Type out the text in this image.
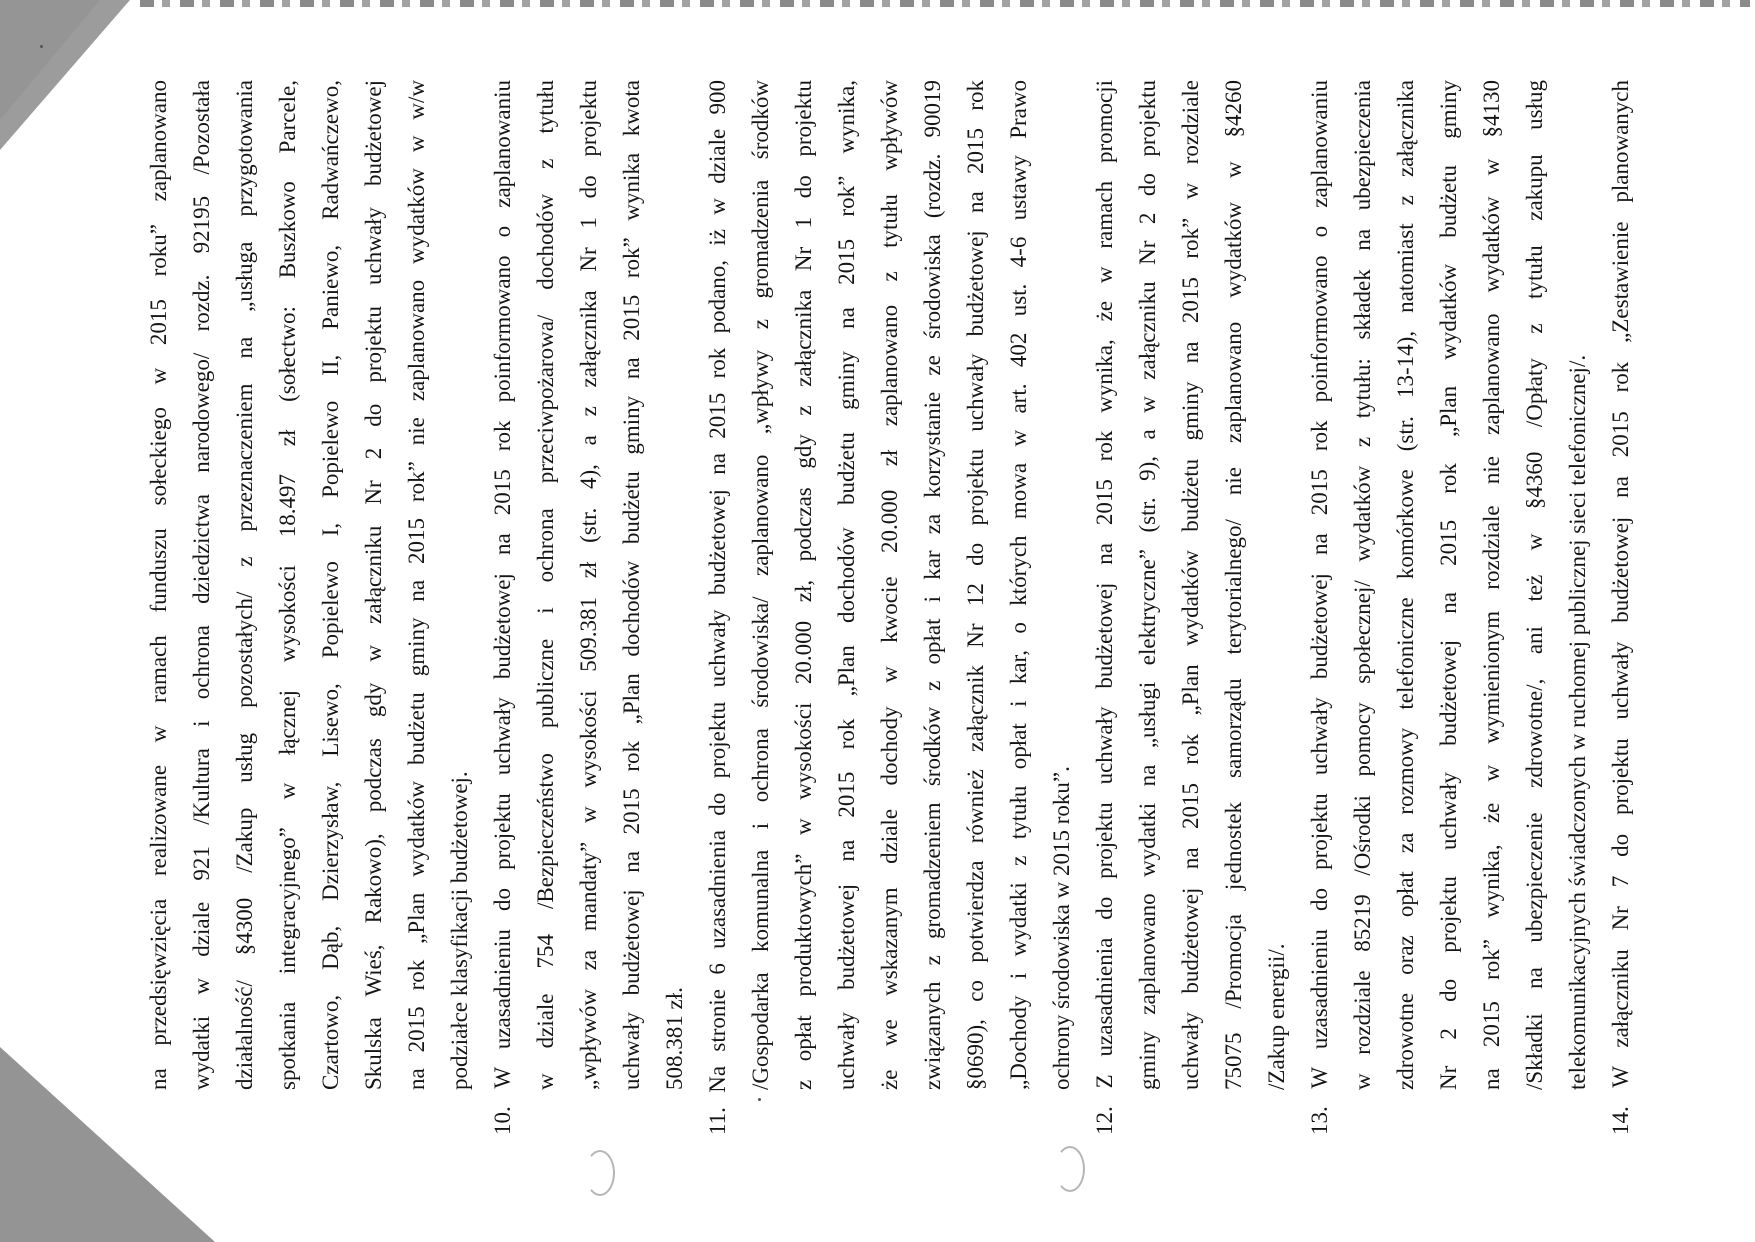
na przedsięwzięcia realizowane w ramach funduszu sołeckiego w 2015 roku” zaplanowano wydatki w dziale 921 /Kultura i ochrona dziedzictwa narodowego/ rozdz. 92195 /Pozostała działalność/ §4300 /Zakup usług pozostałych/ z przeznaczeniem na „usługa przygotowania spotkania integracyjnego” w łącznej wysokości 18.497 zł (sołectwo: Buszkowo Parcele, Czartowo, Dąb, Dzierzysław, Lisewo, Popielewo I, Popielewo II, Paniewo, Radwańczewo, Skulska Wieś, Rakowo), podczas gdy w załączniku Nr 2 do projektu uchwały budżetowej na 2015 rok „Plan wydatków budżetu gminy na 2015 rok” nie zaplanowano wydatków w w/w podziałce klasyfikacji budżetowej. 10. W uzasadnieniu do projektu uchwały budżetowej na 2015 rok poinformowano o zaplanowaniu w dziale 754 /Bezpieczeństwo publiczne i ochrona przeciwpożarowa/ dochodów z tytułu „wpływów za mandaty” w wysokości 509.381 zł (str. 4), a z załącznika Nr 1 do projektu uchwały budżetowej na 2015 rok „Plan dochodów budżetu gminy na 2015 rok” wynika kwota 508.381 zł. 11. Na stronie 6 uzasadnienia do projektu uchwały budżetowej na 2015 rok podano, iż w dziale 900 /Gospodarka komunalna i ochrona środowiska/ zaplanowano „wpływy z gromadzenia środków z opłat produktowych” w wysokości 20.000 zł, podczas gdy z załącznika Nr 1 do projektu uchwały budżetowej na 2015 rok „Plan dochodów budżetu gminy na 2015 rok” wynika, że we wskazanym dziale dochody w kwocie 20.000 zł zaplanowano z tytułu wpływów związanych z gromadzeniem środków z opłat i kar za korzystanie ze środowiska (rozdz. 90019 §0690), co potwierdza również załącznik Nr 12 do projektu uchwały budżetowej na 2015 rok „Dochody i wydatki z tytułu opłat i kar, o których mowa w art. 402 ust. 4-6 ustawy Prawo ochrony środowiska w 2015 roku”. 12. Z uzasadnienia do projektu uchwały budżetowej na 2015 rok wynika, że w ramach promocji gminy zaplanowano wydatki na „usługi elektryczne” (str. 9), a w załączniku Nr 2 do projektu uchwały budżetowej na 2015 rok „Plan wydatków budżetu gminy na 2015 rok” w rozdziale 75075 /Promocja jednostek samorządu terytorialnego/ nie zaplanowano wydatków w §4260 /Zakup energii/. 13. W uzasadnieniu do projektu uchwały budżetowej na 2015 rok poinformowano o zaplanowaniu w rozdziale 85219 /Ośrodki pomocy społecznej/ wydatków z tytułu: składek na ubezpieczenia zdrowotne oraz opłat za rozmowy telefoniczne komórkowe (str. 13-14), natomiast z załącznika Nr 2 do projektu uchwały budżetowej na 2015 rok „Plan wydatków budżetu gminy na 2015 rok” wynika, że w wymienionym rozdziale nie zaplanowano wydatków w §4130 /Składki na ubezpieczenie zdrowotne/, ani też w §4360 /Opłaty z tytułu zakupu usług telekomunikacyjnych świadczonych w ruchomej publicznej sieci telefonicznej/. 14. W załączniku Nr 7 do projektu uchwały budżetowej na 2015 rok „Zestawienie planowanych
